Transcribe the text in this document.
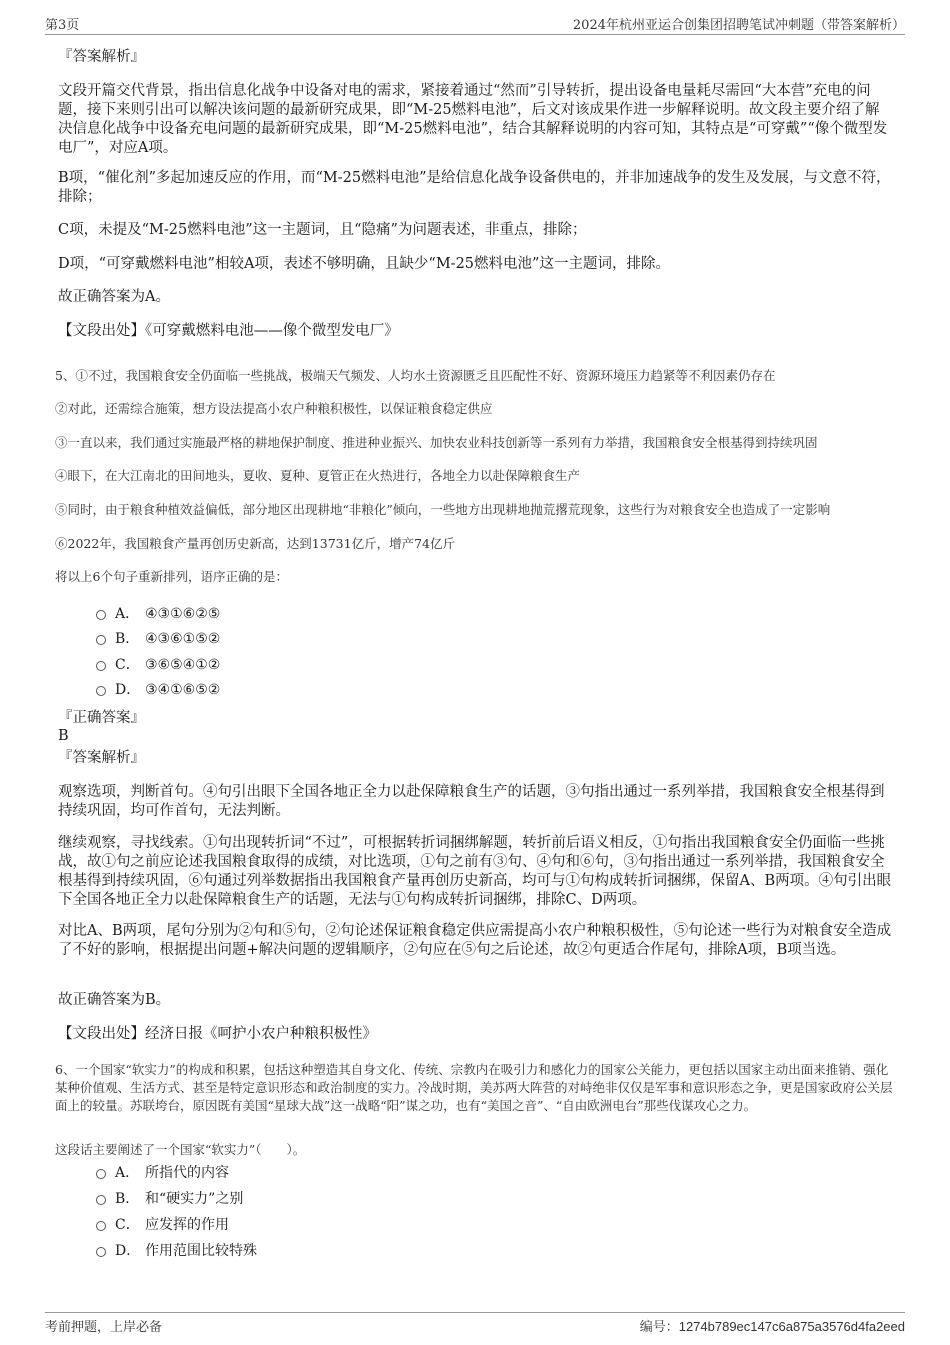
第3页	2024年杭州亚运合创集团招聘笔试冲刺题（带答案解析）
『答案解析』
文段开篇交代背景，指出信息化战争中设备对电的需求，紧接着通过“然而”引导转折，提出设备电量耗尽需回“大本营”充电的问题，接下来则引出可以解决该问题的最新研究成果，即“M-25燃料电池”，后文对该成果作进一步解释说明。故文段主要介绍了解决信息化战争中设备充电问题的最新研究成果，即“M-25燃料电池”，结合其解释说明的内容可知，其特点是“可穿戴”“像个微型发电厂”，对应A项。
B项，“催化剂”多起加速反应的作用，而“M-25燃料电池”是给信息化战争设备供电的，并非加速战争的发生及发展，与文意不符，排除；
C项，未提及“M-25燃料电池”这一主题词，且“隐痛”为问题表述，非重点，排除；
D项，“可穿戴燃料电池”相较A项，表述不够明确，且缺少“M-25燃料电池”这一主题词，排除。
故正确答案为A。
【文段出处】《可穿戴燃料电池——像个微型发电厂》
5、①不过，我国粮食安全仍面临一些挑战，极端天气频发、人均水土资源匮乏且匹配性不好、资源环境压力趋紧等不利因素仍存在
②对此，还需综合施策，想方设法提高小农户种粮积极性，以保证粮食稳定供应
③一直以来，我们通过实施最严格的耕地保护制度、推进种业振兴、加快农业科技创新等一系列有力举措，我国粮食安全根基得到持续巩固
④眼下，在大江南北的田间地头，夏收、夏种、夏管正在火热进行，各地全力以赴保障粮食生产
⑤同时，由于粮食种植效益偏低，部分地区出现耕地“非粮化”倾向，一些地方出现耕地抛荒撂荒现象，这些行为对粮食安全也造成了一定影响
⑥2022年，我国粮食产量再创历史新高，达到13731亿斤，增产74亿斤
将以上6个句子重新排列，语序正确的是：
A． ④③①⑥②⑤
B． ④③⑥①⑤②
C． ③⑥⑤④①②
D． ③④①⑥⑤②
『正确答案』
B
『答案解析』
观察选项，判断首句。④句引出眼下全国各地正全力以赴保障粮食生产的话题，③句指出通过一系列举措，我国粮食安全根基得到持续巩固，均可作首句，无法判断。
继续观察，寻找线索。①句出现转折词“不过”，可根据转折词捆绑解题，转折前后语义相反，①句指出我国粮食安全仍面临一些挑战，故①句之前应论述我国粮食取得的成绩，对比选项，①句之前有③句、④句和⑥句，③句指出通过一系列举措，我国粮食安全根基得到持续巩固，⑥句通过列举数据指出我国粮食产量再创历史新高，均可与①句构成转折词捆绑，保留A、B两项。④句引出眼下全国各地正全力以赴保障粮食生产的话题，无法与①句构成转折词捆绑，排除C、D两项。
对比A、B两项，尾句分别为②句和⑤句，②句论述保证粮食稳定供应需提高小农户种粮积极性，⑤句论述一些行为对粮食安全造成了不好的影响，根据提出问题+解决问题的逻辑顺序，②句应在⑤句之后论述，故②句更适合作尾句，排除A项，B项当选。
故正确答案为B。
【文段出处】经济日报《呵护小农户种粮积极性》
6、一个国家“软实力”的构成和积累，包括这种塑造其自身文化、传统、宗教内在吸引力和感化力的国家公关能力，更包括以国家主动出面来推销、强化某种价值观、生活方式、甚至是特定意识形态和政治制度的实力。冷战时期，美苏两大阵营的对峙绝非仅仅是军事和意识形态之争，更是国家政府公关层面上的较量。苏联垮台，原因既有美国“星球大战”这一战略“阳”谋之功，也有“美国之音”、“自由欧洲电台”那些伐谋攻心之力。
这段话主要阐述了一个国家“软实力”（　　）。
A． 所指代的内容
B． 和“硬实力”之别
C． 应发挥的作用
D． 作用范围比较特殊
考前押题，上岸必备	编号：1274b789ec147c6a875a3576d4fa2eed
